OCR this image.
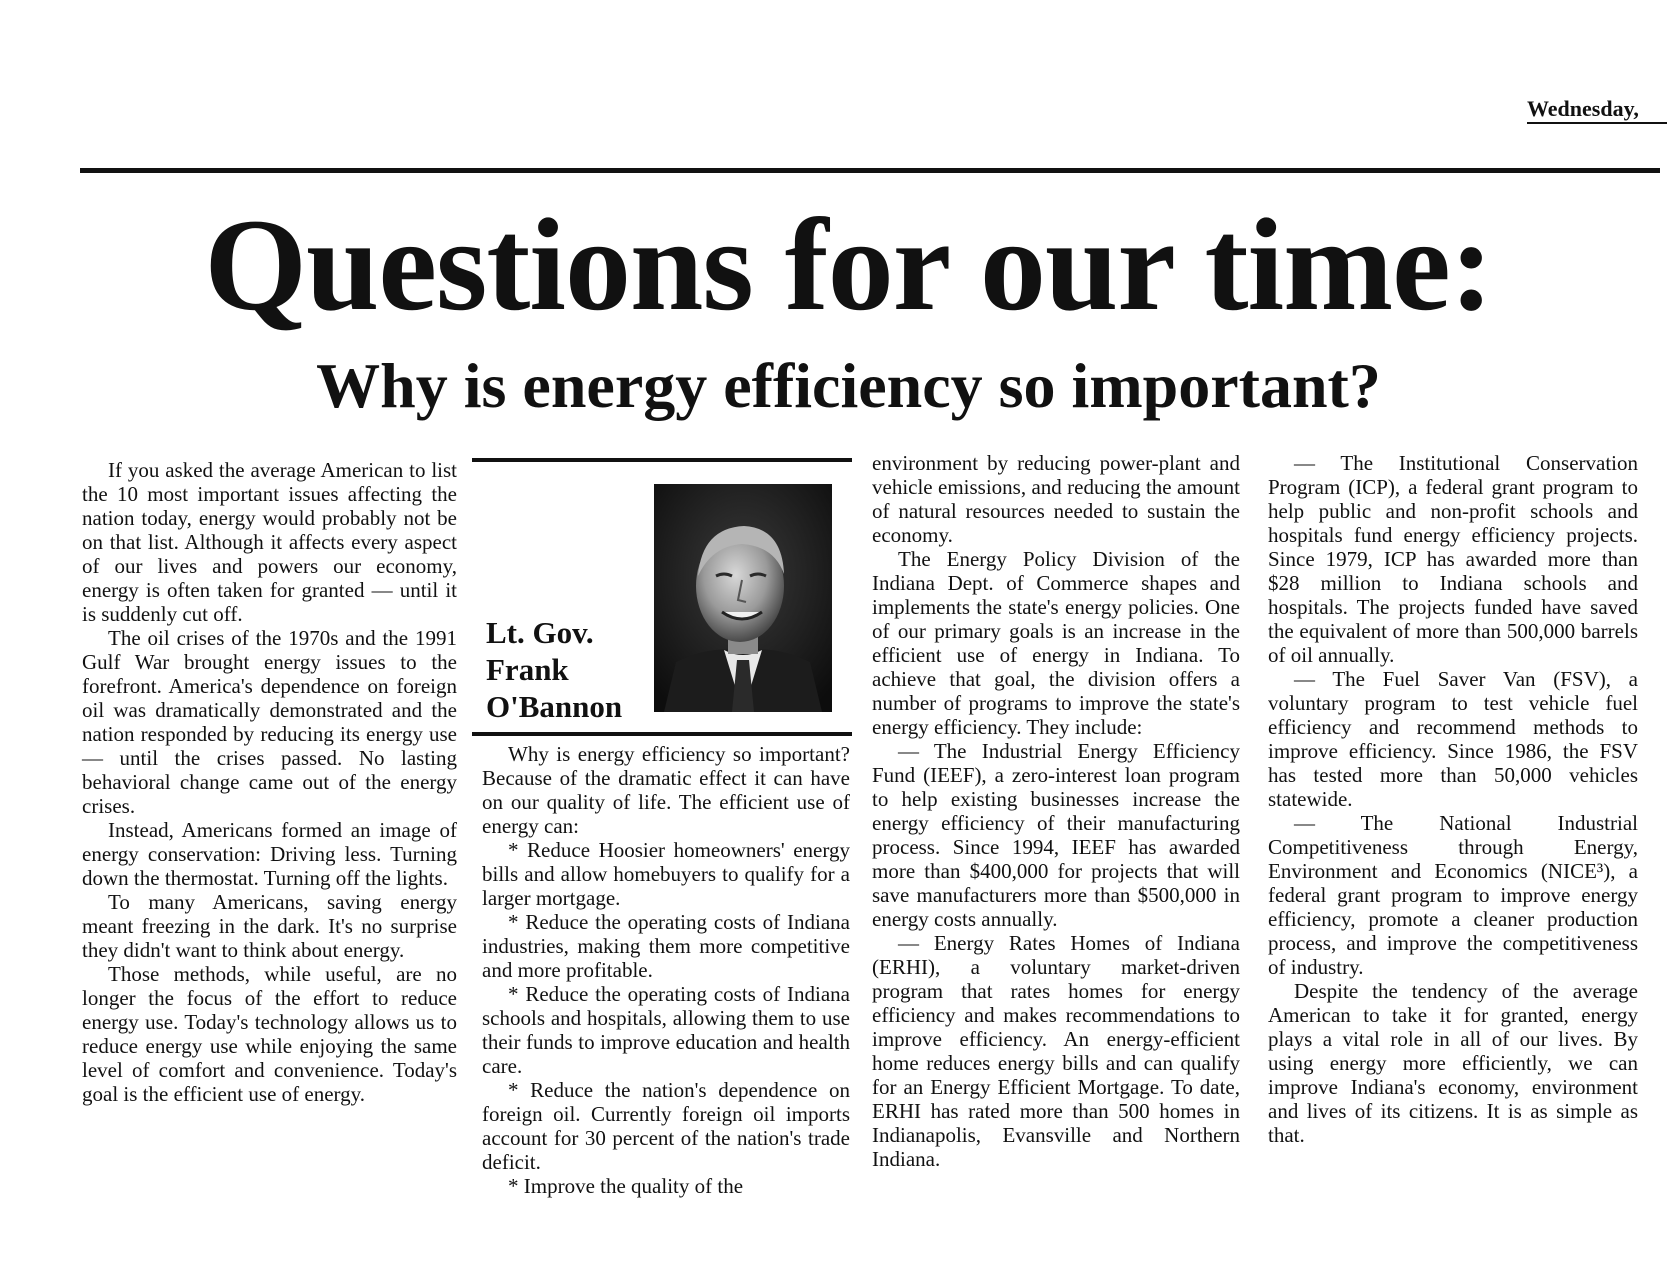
Wednesday,
Questions for our time:
Why is energy efficiency so important?

If you asked the average American to list the 10 most important issues affecting the nation today, energy would probably not be on that list. Although it affects every aspect of our lives and powers our economy, energy is often taken for granted — until it is suddenly cut off.

The oil crises of the 1970s and the 1991 Gulf War brought energy issues to the forefront. America's dependence on foreign oil was dramatically demonstrated and the nation responded by reducing its energy use — until the crises passed. No lasting behavioral change came out of the energy crises.

Instead, Americans formed an image of energy conservation: Driving less. Turning down the thermostat. Turning off the lights.

To many Americans, saving energy meant freezing in the dark. It's no surprise they didn't want to think about energy.

Those methods, while useful, are no longer the focus of the effort to reduce energy use. Today's technology allows us to reduce energy use while enjoying the same level of comfort and convenience. Today's goal is the efficient use of energy.

Lt. Gov.
Frank
O'Bannon

Why is energy efficiency so important? Because of the dramatic effect it can have on our quality of life. The efficient use of energy can:

* Reduce Hoosier homeowners' energy bills and allow homebuyers to qualify for a larger mortgage.

* Reduce the operating costs of Indiana industries, making them more competitive and more profitable.

* Reduce the operating costs of Indiana schools and hospitals, allowing them to use their funds to improve education and health care.

* Reduce the nation's dependence on foreign oil. Currently foreign oil imports account for 30 percent of the nation's trade deficit.

* Improve the quality of the

environment by reducing power-plant and vehicle emissions, and reducing the amount of natural resources needed to sustain the economy.

The Energy Policy Division of the Indiana Dept. of Commerce shapes and implements the state's energy policies. One of our primary goals is an increase in the efficient use of energy in Indiana. To achieve that goal, the division offers a number of programs to improve the state's energy efficiency. They include:

— The Industrial Energy Efficiency Fund (IEEF), a zero-interest loan program to help existing businesses increase the energy efficiency of their manufacturing process. Since 1994, IEEF has awarded more than $400,000 for projects that will save manufacturers more than $500,000 in energy costs annually.

— Energy Rates Homes of Indiana (ERHI), a voluntary market-driven program that rates homes for energy efficiency and makes recommendations to improve efficiency. An energy-efficient home reduces energy bills and can qualify for an Energy Efficient Mortgage. To date, ERHI has rated more than 500 homes in Indianapolis, Evansville and Northern Indiana.

— The Institutional Conservation Program (ICP), a federal grant program to help public and non-profit schools and hospitals fund energy efficiency projects. Since 1979, ICP has awarded more than $28 million to Indiana schools and hospitals. The projects funded have saved the equivalent of more than 500,000 barrels of oil annually.

— The Fuel Saver Van (FSV), a voluntary program to test vehicle fuel efficiency and recommend methods to improve efficiency. Since 1986, the FSV has tested more than 50,000 vehicles statewide.

— The National Industrial Competitiveness through Energy, Environment and Economics (NICE³), a federal grant program to improve energy efficiency, promote a cleaner production process, and improve the competitiveness of industry.

Despite the tendency of the average American to take it for granted, energy plays a vital role in all of our lives. By using energy more efficiently, we can improve Indiana's economy, environment and lives of its citizens. It is as simple as that.
